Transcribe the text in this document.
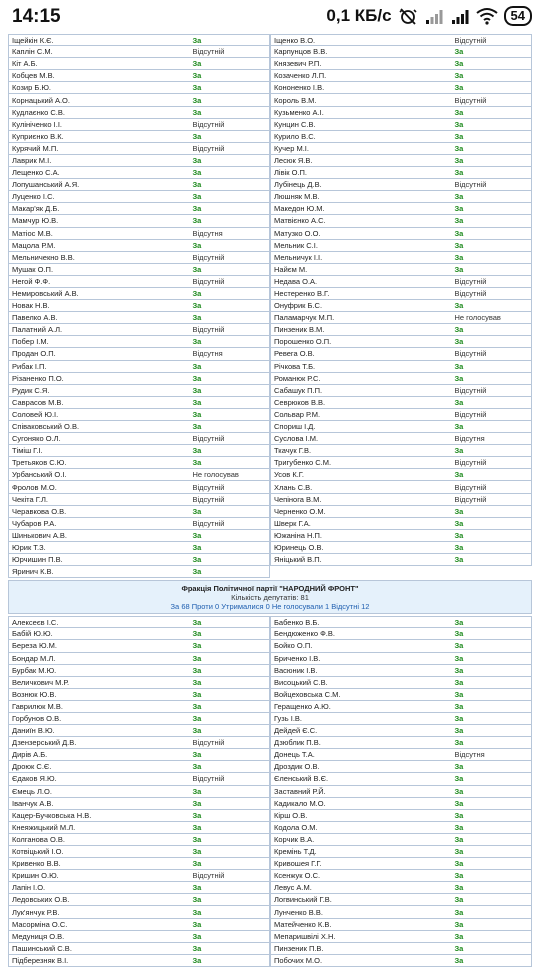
14:15	0,1 КБ/с	54
Іщейкін К.Є.	За
Каплін С.М.	Відсутній
Кіт А.Б.	За
Кобцев М.В.	За
Козир Б.Ю.	За
Корнацький А.О.	За
Кудлаєнко С.В.	За
Кулініченко І.І.	Відсутній
Куприєнко В.К.	За
Курячий М.П.	Відсутній
Лаврик М.І.	За
Лещенко С.А.	За
Лопушанський А.Я.	За
Луценко І.С.	За
Макар'як Д.Б.	За
Мамчур Ю.В.	За
Матіос М.В.	Відсутня
Мацола Р.М.	За
Мельничекно В.В.	Відсутній
Мушак О.П.	За
Негой Ф.Ф.	Відсутній
Немировський А.В.	За
Новак Н.В.	За
Павелко А.В.	За
Палатний А.Л.	Відсутній
Побер І.М.	За
Продан О.П.	Відсутня
Рибак І.П.	За
Різаненко П.О.	За
Рудик С.Я.	За
Саврасов М.В.	За
Соловей Ю.І.	За
Співаковський О.В.	За
Сугоняко О.Л.	Відсутній
Тіміш Г.І.	За
Третьяков С.Ю.	За
Урбанський О.І.	Не голосував
Фролов М.О.	Відсутній
Чекіта Г.Л.	Відсутній
Черавкова О.В.	За
Чубаров Р.А.	Відсутній
Шинькович А.В.	За
Юрик Т.З.	За
Юрчишин П.В.	За
Яринич К.В.	За
Іщенко В.О.	Відсутній
Карпунцов В.В.	За
Князевич Р.П.	За
Козаченко Л.П.	За
Кононенко І.В.	За
Король В.М.	Відсутній
Кузьменко А.І.	За
Кунцин С.В.	За
Курило В.С.	За
Кучер М.І.	За
Лесюк Я.В.	За
Лівік О.П.	За
Лубінець Д.В.	Відсутній
Люшняк М.В.	За
Македон Ю.М.	За
Матвієнко А.С.	За
Матузко О.О.	За
Мельник С.І.	За
Мельничук І.І.	За
Найєм М.	За
Недава О.А.	Відсутній
Нестеренко В.Г.	Відсутній
Онуфрик Б.С.	За
Паламарчук М.П.	Не голосував
Пинзеник В.М.	За
Порошенко О.П.	За
Ревега О.В.	Відсутній
Річкова Т.Б.	За
Романюк Р.С.	За
Сабашук П.П.	Відсутній
Севрюков В.В.	За
Сольвар Р.М.	Відсутній
Спориш І.Д.	За
Суслова І.М.	Відсутня
Ткачук Г.В.	За
Тригубенко С.М.	Відсутній
Усов К.Г.	За
Хлань С.В.	Відсутній
Чепінога В.М.	Відсутній
Черненко О.М.	За
Шверк Г.А.	За
Южаніна Н.П.	За
Юринець О.В.	За
Яніцький В.П.	За
Фракція Політичної партії "НАРОДНИЙ ФРОНТ"
Кількість депутатів: 81
За 68 Проти 0 Утрималися 0 Не голосували 1 Відсутні 12
Алексеєв І.С.	За
Бабій Ю.Ю.	За
Береза Ю.М.	За
Бондар М.Л.	За
Бурбак М.Ю.	За
Величкович М.Р.	За
Вознюк Ю.В.	За
Гаврилюк М.В.	За
Горбунов О.В.	За
Даниїн В.Ю.	За
Дзензерський Д.В.	Відсутній
Дирів А.Б.	За
Дроюк С.Є.	За
Єдаков Я.Ю.	Відсутній
Ємець Л.О.	За
Іванчук А.В.	За
Кацер-Бучковська Н.В.	За
Кнеяжицький М.Л.	За
Колганова О.В.	За
Котвіцький І.О.	За
Кривенко В.В.	За
Кришин О.Ю.	Відсутній
Лапін І.О.	За
Ледовських О.В.	За
Лук'янчук Р.В.	За
Масорміна О.С.	За
Медуниця О.В.	За
Пашинський С.В.	За
Підберезняк В.І.	За
Бабенко В.Б.	За
Бендюженко Ф.В.	За
Бойко О.П.	За
Бриченко І.В.	За
Васюник І.В.	За
Висоцький С.В.	За
Войцеховська С.М.	За
Геращенко А.Ю.	За
Гузь І.В.	За
Дейдей Є.С.	За
Дзюблик П.В.	За
Донець Т.А.	Відсутня
Дроздик О.В.	За
Єленський В.Є.	За
Заставний Р.Й.	За
Кадикало М.О.	За
Кірш О.В.	За
Кодола О.М.	За
Корчик В.А.	За
Кремінь Т.Д.	За
Кривошея Г.Г.	За
Ксенжук О.С.	За
Левус А.М.	За
Логвинський Г.В.	За
Лунченко В.В.	За
Матейченко К.В.	За
Мепаришвілі Х.Н.	За
Пинзеник П.В.	За
Побочих М.О.	За
